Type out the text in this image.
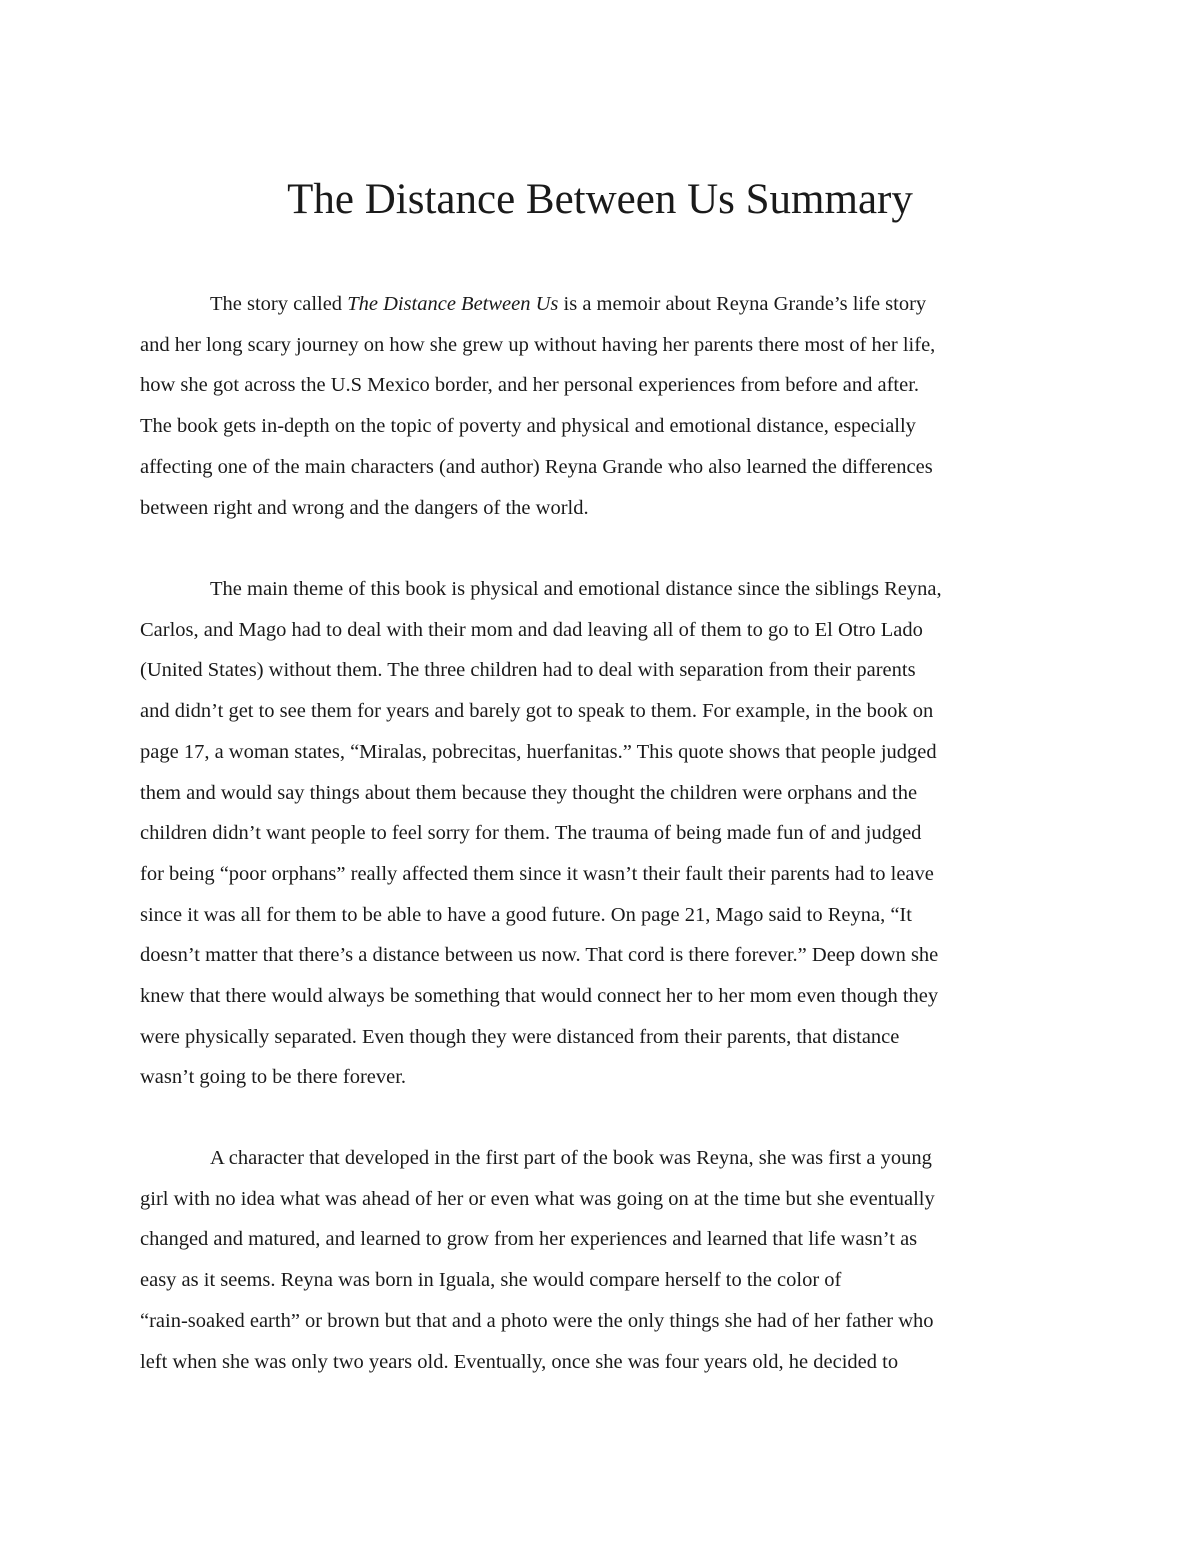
The Distance Between Us Summary
The story called The Distance Between Us is a memoir about Reyna Grande’s life story
and her long scary journey on how she grew up without having her parents there most of her life,
how she got across the U.S Mexico border, and her personal experiences from before and after.
The book gets in-depth on the topic of poverty and physical and emotional distance, especially
affecting one of the main characters (and author) Reyna Grande who also learned the differences
between right and wrong and the dangers of the world.
The main theme of this book is physical and emotional distance since the siblings Reyna,
Carlos, and Mago had to deal with their mom and dad leaving all of them to go to El Otro Lado
(United States) without them. The three children had to deal with separation from their parents
and didn’t get to see them for years and barely got to speak to them. For example, in the book on
page 17, a woman states, “Miralas, pobrecitas, huerfanitas.” This quote shows that people judged
them and would say things about them because they thought the children were orphans and the
children didn’t want people to feel sorry for them. The trauma of being made fun of and judged
for being “poor orphans” really affected them since it wasn’t their fault their parents had to leave
since it was all for them to be able to have a good future. On page 21, Mago said to Reyna, “It
doesn’t matter that there’s a distance between us now. That cord is there forever.” Deep down she
knew that there would always be something that would connect her to her mom even though they
were physically separated. Even though they were distanced from their parents, that distance
wasn’t going to be there forever.
A character that developed in the first part of the book was Reyna, she was first a young
girl with no idea what was ahead of her or even what was going on at the time but she eventually
changed and matured, and learned to grow from her experiences and learned that life wasn’t as
easy as it seems. Reyna was born in Iguala, she would compare herself to the color of
“rain-soaked earth” or brown but that and a photo were the only things she had of her father who
left when she was only two years old. Eventually, once she was four years old, he decided to
